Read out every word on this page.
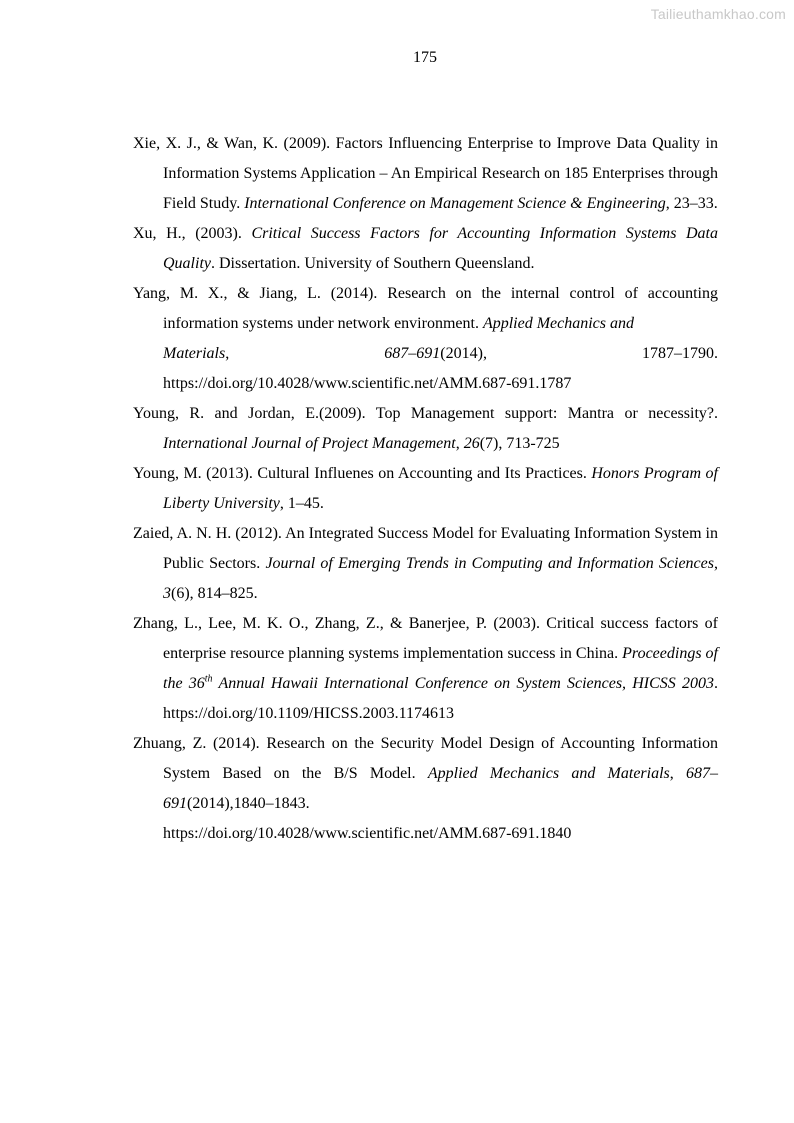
Tailieuthamkhao.com
175
Xie, X. J., & Wan, K. (2009). Factors Influencing Enterprise to Improve Data Quality in Information Systems Application – An Empirical Research on 185 Enterprises through Field Study. International Conference on Management Science & Engineering, 23–33.
Xu, H., (2003). Critical Success Factors for Accounting Information Systems Data Quality. Dissertation. University of Southern Queensland.
Yang, M. X., & Jiang, L. (2014). Research on the internal control of accounting information systems under network environment. Applied Mechanics and
Materials,	687–691(2014),	1787–1790.
https://doi.org/10.4028/www.scientific.net/AMM.687-691.1787
Young, R. and Jordan, E.(2009). Top Management support: Mantra or necessity?. International Journal of Project Management, 26(7), 713-725
Young, M. (2013). Cultural Influenes on Accounting and Its Practices. Honors Program of Liberty University, 1–45.
Zaied, A. N. H. (2012). An Integrated Success Model for Evaluating Information System in Public Sectors. Journal of Emerging Trends in Computing and Information Sciences, 3(6), 814–825.
Zhang, L., Lee, M. K. O., Zhang, Z., & Banerjee, P. (2003). Critical success factors of enterprise resource planning systems implementation success in China. Proceedings of the 36th Annual Hawaii International Conference on System Sciences, HICSS 2003. https://doi.org/10.1109/HICSS.2003.1174613
Zhuang, Z. (2014). Research on the Security Model Design of Accounting Information System Based on the B/S Model. Applied Mechanics and Materials, 687–691(2014),1840–1843.
https://doi.org/10.4028/www.scientific.net/AMM.687-691.1840
